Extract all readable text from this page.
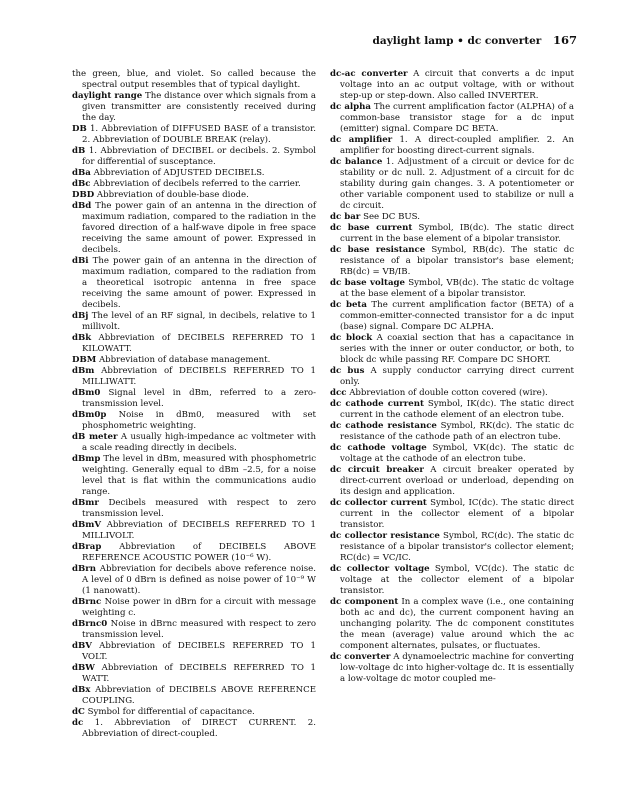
daylight lamp • dc converter 167

the green, blue, and violet. So called because the spectral output resembles that of typical daylight.

daylight range The distance over which signals from a given transmitter are consistently received during the day.

DB 1. Abbreviation of DIFFUSED BASE of a transistor. 2. Abbreviation of DOUBLE BREAK (relay).

dB 1. Abbreviation of DECIBEL or decibels. 2. Symbol for differential of susceptance.

dBa Abbreviation of ADJUSTED DECIBELS.

dBc Abbreviation of decibels referred to the carrier.

DBD Abbreviation of double-base diode.

dBd The power gain of an antenna in the direction of maximum radiation, compared to the radiation in the favored direction of a half-wave dipole in free space receiving the same amount of power. Expressed in decibels.

dBi The power gain of an antenna in the direction of maximum radiation, compared to the radiation from a theoretical isotropic antenna in free space receiving the same amount of power. Expressed in decibels.

dBj The level of an RF signal, in decibels, relative to 1 millivolt.

dBk Abbreviation of DECIBELS REFERRED TO 1 KILOWATT.

DBM Abbreviation of database management.

dBm Abbreviation of DECIBELS REFERRED TO 1 MILLIWATT.

dBm0 Signal level in dBm, referred to a zero-transmission level.

dBm0p Noise in dBm0, measured with set phosphometric weighting.

dB meter A usually high-impedance ac voltmeter with a scale reading directly in decibels.

dBmp The level in dBm, measured with phosphometric weighting. Generally equal to dBm –2.5, for a noise level that is flat within the communications audio range.

dBmr Decibels measured with respect to zero transmission level.

dBmV Abbreviation of DECIBELS REFERRED TO 1 MILLIVOLT.

dBrap Abbreviation of DECIBELS ABOVE REFERENCE ACOUSTIC POWER (10⁻⁶ W).

dBrn Abbreviation for decibels above reference noise. A level of 0 dBrn is defined as noise power of 10⁻⁹ W (1 nanowatt).

dBrnc Noise power in dBrn for a circuit with message weighting c.

dBrnc0 Noise in dBrnc measured with respect to zero transmission level.

dBV Abbreviation of DECIBELS REFERRED TO 1 VOLT.

dBW Abbreviation of DECIBELS REFERRED TO 1 WATT.

dBx Abbreviation of DECIBELS ABOVE REFERENCE COUPLING.

dC Symbol for differential of capacitance.

dc 1. Abbreviation of DIRECT CURRENT. 2. Abbreviation of direct-coupled.

dc-ac converter A circuit that converts a dc input voltage into an ac output voltage, with or without step-up or step-down. Also called INVERTER.

dc alpha The current amplification factor (ALPHA) of a common-base transistor stage for a dc input (emitter) signal. Compare DC BETA.

dc amplifier 1. A direct-coupled amplifier. 2. An amplifier for boosting direct-current signals.

dc balance 1. Adjustment of a circuit or device for dc stability or dc null. 2. Adjustment of a circuit for dc stability during gain changes. 3. A potentiometer or other variable component used to stabilize or null a dc circuit.

dc bar See DC BUS.

dc base current Symbol, IB(dc). The static direct current in the base element of a bipolar transistor.

dc base resistance Symbol, RB(dc). The static dc resistance of a bipolar transistor's base element; RB(dc) = VB/IB.

dc base voltage Symbol, VB(dc). The static dc voltage at the base element of a bipolar transistor.

dc beta The current amplification factor (BETA) of a common-emitter-connected transistor for a dc input (base) signal. Compare DC ALPHA.

dc block A coaxial section that has a capacitance in series with the inner or outer conductor, or both, to block dc while passing RF. Compare DC SHORT.

dc bus A supply conductor carrying direct current only.

dcc Abbreviation of double cotton covered (wire).

dc cathode current Symbol, IK(dc). The static direct current in the cathode element of an electron tube.

dc cathode resistance Symbol, RK(dc). The static dc resistance of the cathode path of an electron tube.

dc cathode voltage Symbol, VK(dc). The static dc voltage at the cathode of an electron tube.

dc circuit breaker A circuit breaker operated by direct-current overload or underload, depending on its design and application.

dc collector current Symbol, IC(dc). The static direct current in the collector element of a bipolar transistor.

dc collector resistance Symbol, RC(dc). The static dc resistance of a bipolar transistor's collector element; RC(dc) = VC/IC.

dc collector voltage Symbol, VC(dc). The static dc voltage at the collector element of a bipolar transistor.

dc component In a complex wave (i.e., one containing both ac and dc), the current component having an unchanging polarity. The dc component constitutes the mean (average) value around which the ac component alternates, pulsates, or fluctuates.

dc converter A dynamoelectric machine for converting low-voltage dc into higher-voltage dc. It is essentially a low-voltage dc motor coupled me-
